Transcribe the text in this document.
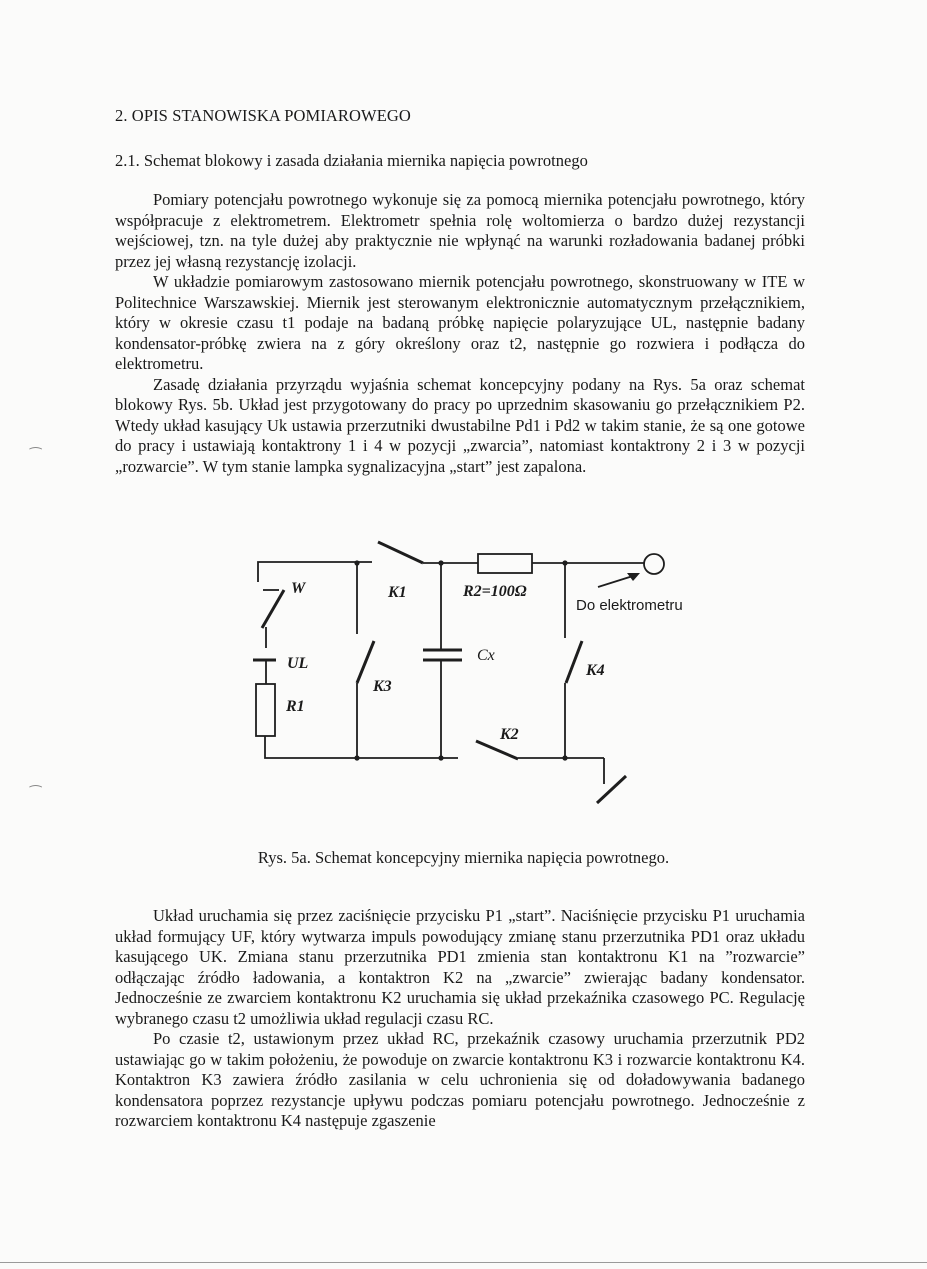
2. OPIS STANOWISKA POMIAROWEGO
2.1. Schemat blokowy i zasada działania miernika napięcia powrotnego

Pomiary potencjału powrotnego wykonuje się za pomocą miernika potencjału powrotnego, który współpracuje z elektrometrem. Elektrometr spełnia rolę woltomierza o bardzo dużej rezystancji wejściowej, tzn. na tyle dużej aby praktycznie nie wpłynąć na warunki rozładowania badanej próbki przez jej własną rezystancję izolacji.

W układzie pomiarowym zastosowano miernik potencjału powrotnego, skonstruowany w ITE w Politechnice Warszawskiej. Miernik jest sterowanym elektronicznie automatycznym przełącznikiem, który w okresie czasu t1 podaje na badaną próbkę napięcie polaryzujące UL, następnie badany kondensator-próbkę zwiera na z góry określony oraz t2, następnie go rozwiera i podłącza do elektrometru.

Zasadę działania przyrządu wyjaśnia schemat koncepcyjny podany na Rys. 5a oraz schemat blokowy Rys. 5b. Układ jest przygotowany do pracy po uprzednim skasowaniu go przełącznikiem P2. Wtedy układ kasujący Uk ustawia przerzutniki dwustabilne Pd1 i Pd2 w takim stanie, że są one gotowe do pracy i ustawiają kontaktrony 1 i 4 w pozycji „zwarcia”, natomiast kontaktrony 2 i 3 w pozycji „rozwarcie”. W tym stanie lampka sygnalizacyjna „start” jest zapalona.

W	K1	R2=100Ω
Do elektrometru
UL
R1
K3
Cx
K4
K2
Rys. 5a. Schemat koncepcyjny miernika napięcia powrotnego.

Układ uruchamia się przez zaciśnięcie przycisku P1 „start”. Naciśnięcie przycisku P1 uruchamia układ formujący UF, który wytwarza impuls powodujący zmianę stanu przerzutnika PD1 oraz układu kasującego UK. Zmiana stanu przerzutnika PD1 zmienia stan kontaktronu K1 na ”rozwarcie” odłączając źródło ładowania, a kontaktron K2 na „zwarcie” zwierając badany kondensator. Jednocześnie ze zwarciem kontaktronu K2 uruchamia się układ przekaźnika czasowego PC. Regulację wybranego czasu t2 umożliwia układ regulacji czasu RC.

Po czasie t2, ustawionym przez układ RC, przekaźnik czasowy uruchamia przerzutnik PD2 ustawiając go w takim położeniu, że powoduje on zwarcie kontaktronu K3 i rozwarcie kontaktronu K4. Kontaktron K3 zawiera źródło zasilania w celu uchronienia się od doładowywania badanego kondensatora poprzez rezystancje upływu podczas pomiaru potencjału powrotnego. Jednocześnie z rozwarciem kontaktronu K4 następuje zgaszenie

⁀
⁀
